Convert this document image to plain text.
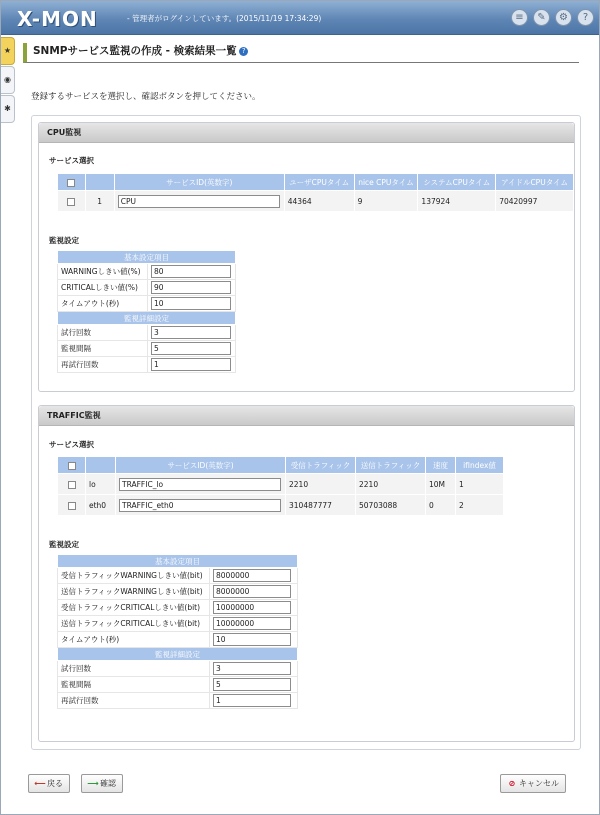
X-MON	- 管理者がログインしています。(2015/11/19 17:34:29)	≡	✎	⚙	?
★
◉
✱
SNMPサービス監視の作成 - 検索結果一覧 ?
登録するサービスを選択し、確認ボタンを押してください。
CPU監視
サービス選択
		サービスID(英数字)	ユーザCPUタイム	nice CPUタイム	システムCPUタイム	アイドルCPUタイム
	1	CPU	44364	9	137924	70420997
監視設定
基本設定項目	
WARNINGしきい値(%)	80
CRITICALしきい値(%)	90
タイムアウト(秒)	10
監視詳細設定	
試行回数	3
監視間隔	5
再試行回数	1
TRAFFIC監視
サービス選択
		サービスID(英数字)	受信トラフィック	送信トラフィック	速度	ifIndex値
	lo	TRAFFIC_lo	2210	2210	10M	1
	eth0	TRAFFIC_eth0	310487777	50703088	0	2
監視設定
基本設定項目	
受信トラフィックWARNINGしきい値(bit)	8000000
送信トラフィックWARNINGしきい値(bit)	8000000
受信トラフィックCRITICALしきい値(bit)	10000000
送信トラフィックCRITICALしきい値(bit)	10000000
タイムアウト(秒)	10
監視詳細設定	
試行回数	3
監視間隔	5
再試行回数	1
⟵戻る	⟶確認	⊘ キャンセル
